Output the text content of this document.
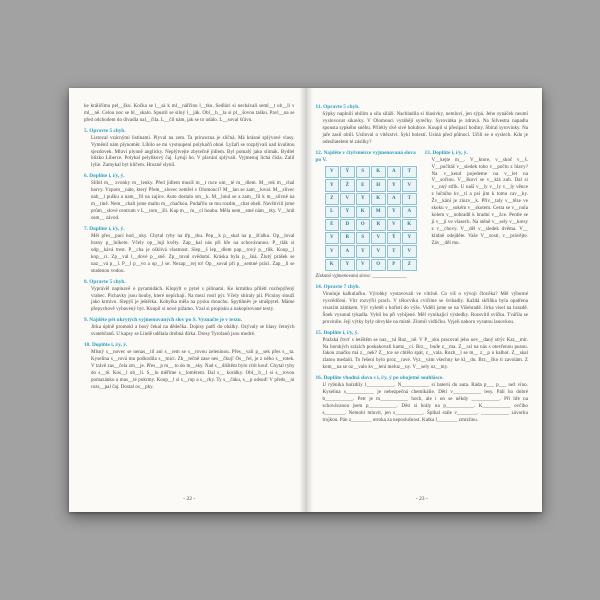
ke králičímu pel__šku. Kočka se l__sá k ml__nářčinu l__tku. Sedláci si nechávali seml__t ob__lí v ml__ně. Celou noc se bl__skalo. Spustil se silný l__ják. Obl__b__la si pl__šovou tašku. Pavl__na se před odchodem do divadla nal__čila. L__čil nám, jak se to událo. L__soval šťávu.
5. Opravte 5 chyb.
Listoval vzácnými listinami. Plyval na zem. Ta princezna je sličná. Má krásné splývavé vlasy. Vyměnil nám plynoměr. Líbilo se mi vystoupení polykačů ohně. Lyžaři se rozplývali nad kvalitou sjezdovek. Mluví plynně anglicky. Neplýtvejte zbytečně jídlem. Byl pomalý jako slimák. Bydlel blízko Liberce. Polykal pelyňkový čaj. Lytuji ho. V plavání splývali. Vyjmenuj lichá čísla. Zalil lylie. Zamykal byt klíčem. Hrozně slynil.
6. Doplňte i, í/y, ý.
Slíbil m__ zvonky m__lenky. Před jídlem musíš m__t ruce um__té m__dlem. M__rek m__chal barvy. Vzpom__náte, který Přem__slovec zemřel v Olomouci? M__lan se zam__loval. M__slivec nab__l pušku a nam__řil na zajíce. Auto dostalo sm__k. M__hnul se a zam__řil k m__slivně na m__tině. Nem__chali jsme maltu m__chačkou. Podařilo se mu rozdm__chat oheň. Navštívili jsme prům__slové centrum v L__tom__šli. Kup m__ m__cí houbu. Měla nem__stné nám__tky. V__hrál osm__ závod.
7. Doplňte i, í/y, ý.
Měl přes__pací hod__nky. Chytal ryby na třp__tku. Pep__k p__skal na p__šťalku. Op__loval hrany p__lníkem. Včely op__lují květy. Zap__kal nás při hře na schovávanou. P__tlák si odp__kává trest. P__cha je ošklivá vlastnost. Slep__š lep__dlem pap__rový p__tlík. Koup__l kop__ci. Zp__val l__dové p__sně. Zp__toval svědomí. Kráska byla p__šná. Žlutý prášek se naz__vá p__l. P__l p__vo a op__l se. Nezap__rej to! Op__soval při p__semné práci. Zap__li se studenou vodou.
8. Opravte 5 chyb.
Vyprávěl napínavě o pyramidách. Klopýtl o pytel s pilinami. Ke krmítku přilétl rozčepýřený vrabec. Pichavky jsou houby, které nepíchají. Na mezi rostl pýr. Včely sbíraly pil. Pícniny slouží jako krmivo. Slepýš je ještěrka. Kobylka měla na pysku mouchu. Spytihněv je strašpytel. Máme přepychově vybavený byt. Koupil si nové pižamo. Vzal si propisku a nakopírované texty.
9. Najděte pět ukrytých vyjmenovaných slov po S. Vyznačte je v textu.
Jirka úplně promokl a bosý čekal na dědečka. Dopisy patří do obálky. Ozývaly se hlasy četných svatebčanů. U kapsy se Lindě udělala drobná dírka. Dresy Tyrolanů jsou modré.
10. Doplňte i, í/y, ý.
Mlsný s__novec se nenas__til ani s__rem se s__rovou zeleninou. Přes__vali p__sek přes s__ta. Kyselina s__rová mu poškodila s__tnici. Zb__tečně zase nes__čkuj! Os__řel, je z něho s__rotek. V trávě zas__čela zm__je. Přes__p m__ to do m__sky. Nad s__dlištěm bylo cítit kouř. Chytal ryby do s__tě. Kos__l ob__lí. S__lu měříme s__loměrem. Dal s__ korálky. Obl__b__l si s__rovou pomazánku a mas__té pokrmy. Koup__l si s__rup a s__rky. Ty s__čáku, s__p odsud! V předs__ni rozs__pal čaj. Dostal os__pky.
- 22 -
11. Opravte 5 chyb.
Sýpky naplnili obilím a sila siláží. Nachladila si hlasivky, nemluví, jen sýpá. Jeho synáček neumí vyslovovat sikavky. V Olomouci vyrábějí syrečky. Syrovátka je zdravá. Na Silvestra napadla spousta sypkého sněhu. Přilétly dvě sivé holubice. Koupil si přesípací hodiny. Sbíral syrovinky. Na jaře zasil obilí. Usiloval o vítězství. Sykl bolestí. Usíná před půlnocí. Učili se o syslech. Kdo je odesílatelem té zásilky?
12. Najděte v čtyřsměrce vyjmenovaná slova po V.
V	Ý	S	K	A	T
Y	Ž	E	H	Y	V
Z	V	Y	K	A	T
L	Y	K	M	Y	A
E	D	O	R	V	K
V	R	S	V	Ý	Y
V	A	Y	V	T	V
K	Y	V	O	P	Z
Získaná vyjmenovaná slova: ______________
13. Doplňte i, í/y, ý.
V__kejte m__. V__ktore, v__skoč v__š. V__počítáš v__sledek toho v__počtu z hlavy? Na v__kend pojedeme na v__let na V__sočinu. V__škovi se v__klá zub. Dal si v__nný střik. U naší v__ly v__ly v__ly věnce z lučního kv__tí a psí jim k tomu cav__ky. Žv__kání je zlozv__k. Přiv__taly v__těze ve skoku v__sokém v__skotem. Cesta se v__nula kolem v__nohradů k hradní v__žce. Pentle se jí v__jí ve vlasech. Na stěně v__sely v__kresy z v__chovy. V__děl v__sledek dvěma. V__ klidně odejděte. Vaše V__sosti, v__právějte. Záv__děl mu.
14. Opravte 7 chyb.
Vinuluje kalkulačku. Výrobky vystavovali ve vitríně. Co víš o vývoji člověka? Měl výborné vysvědčení. Vítr rozvýřil prach. V tělocviku cvičíme se švihadly. Každá skříňka byla opatřena visacím zámkem. Výr vyletěl s kořistí do výše. Viděli jsme se na Višehradě. Jirka visel na hrazdě. Šnek vysunul tykadla. Vybil ho při vybíjené. Měl vynikající výsledky. Rozsvítil svíčku. Tvářila se provinile. Její výtky byly obvykle na místě. Zlomil vidličku. Vyjeli nahoru vysutou lanovkou.
15. Doplňte i, í/y, ý.
Pražská čtvrť s letištěm se naz__vá Ruz__ně. V P__sku pracoval jeho nev__daný strýc Kaz__mír. Na horských srázích poskakovali kamz__ci. Brz__ bude z__ma. Z__ral na nás s otevřenou pusou. Jakou značku má z__nek? Z__tce se chtělo spát, z__vala. Rozb__l se m__ z__p u kalhot. Z__skal zlatou medaili. To řešení bylo proz__ravé. Vyz__vám všechny ke kl__du. Brz__čko ti zavolám. Z kom__na se oz__valo kv__lení meluz__ny. V__sely oz__my.
16. Doplňte vhodná slova s i, í/y, ý po obojetné souhlásce.
U rybníka hnízdily l___________. N___________ si baterii do auta. Ráda p___ p___ než víno. Kyselina s___________ je nebezpečná chemikálie. Děti v___________ lesy. Pálí ho dobré b___________. Petr je m___________ hoch, ale i on se někdy ___________. Při hře na schovávanou jsem p___________. Děti si hrály na p___________. K___________ ovčího s________. Nemohl mluvit, jen s___________. Šplhal stále v________. ___________ závorku trojkou. Pán z________ otroka za neposlušnost. Katka l________ zmrzlinu.
- 23 -
